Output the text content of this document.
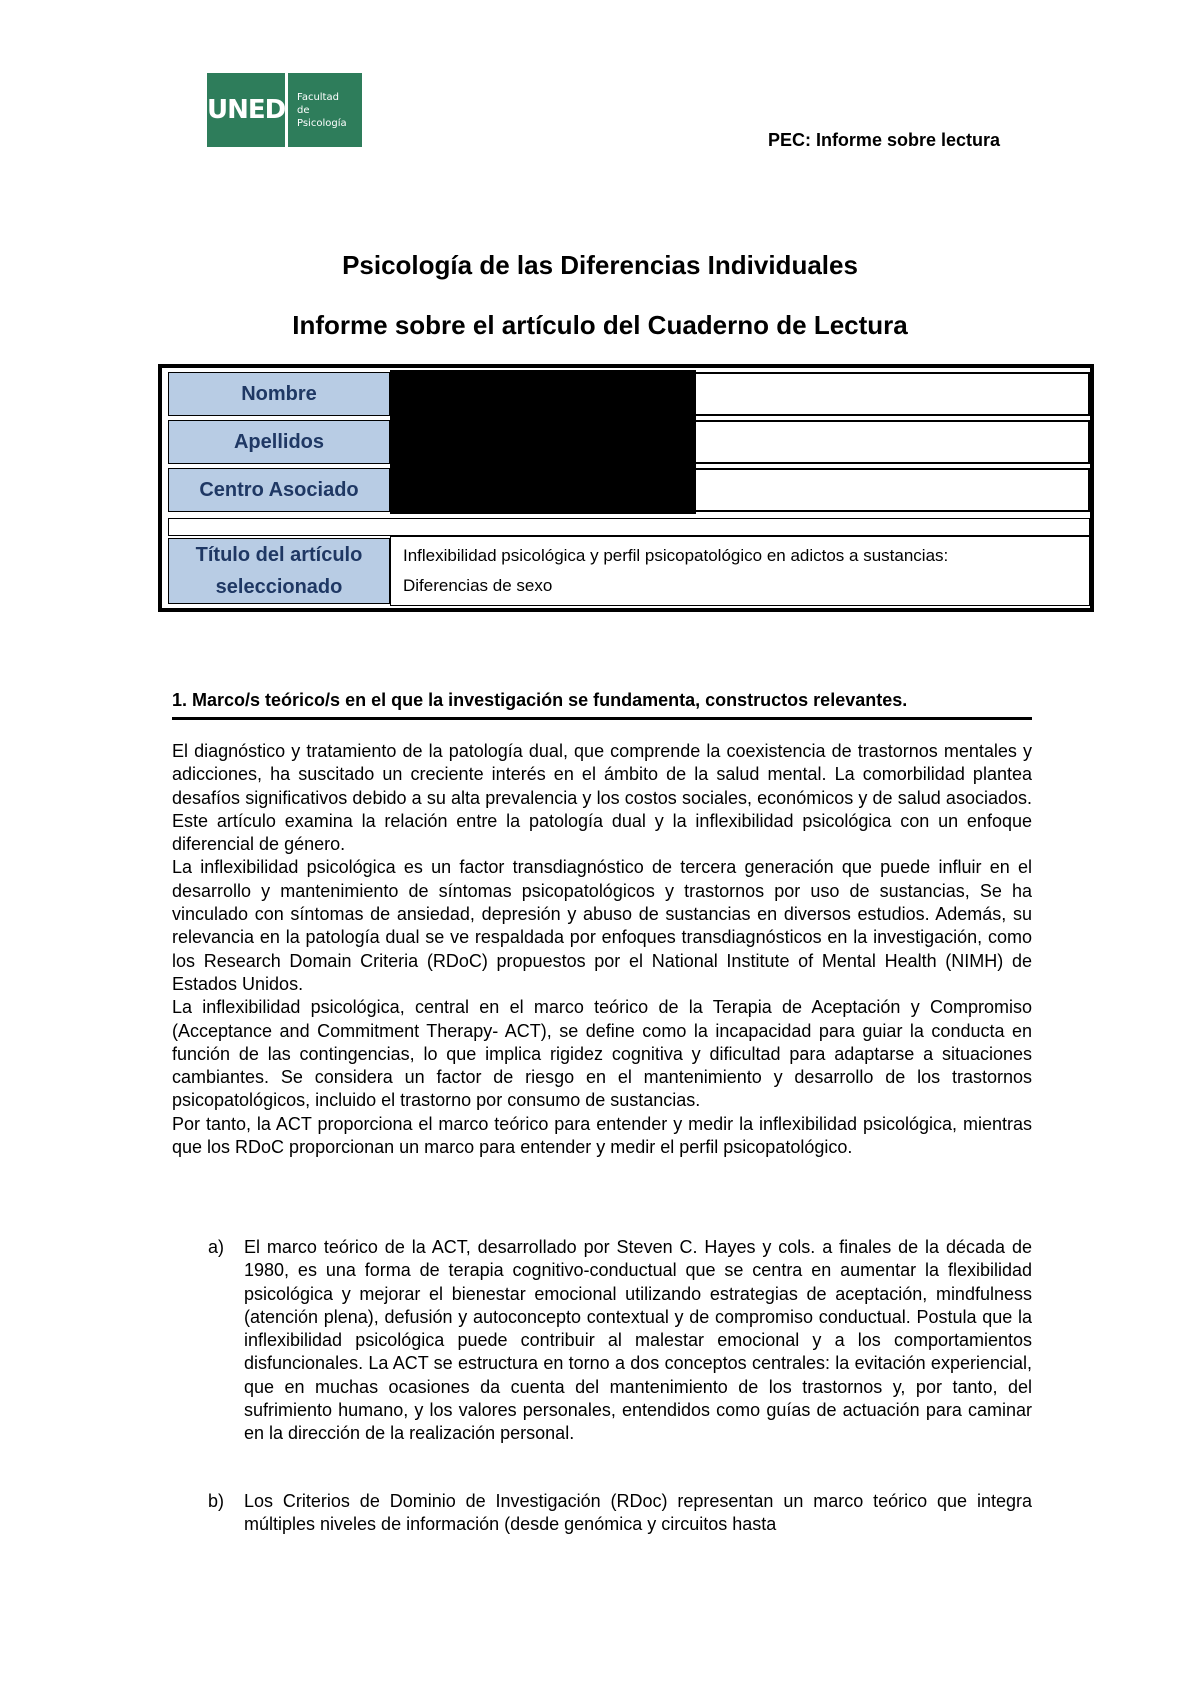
UNED Facultad
de Psicología
PEC: Informe sobre lectura
Psicología de las Diferencias Individuales
Informe sobre el artículo del Cuaderno de Lectura
Nombre
Apellidos
Centro Asociado
Título del artículo
seleccionado
Inflexibilidad psicológica y perfil psicopatológico en adictos a sustancias:
Diferencias de sexo
1. Marco/s teórico/s en el que la investigación se fundamenta, constructos relevantes.

El diagnóstico y tratamiento de la patología dual, que comprende la coexistencia de trastornos mentales y adicciones, ha suscitado un creciente interés en el ámbito de la salud mental. La comorbilidad plantea desafíos significativos debido a su alta prevalencia y los costos sociales, económicos y de salud asociados. Este artículo examina la relación entre la patología dual y la inflexibilidad psicológica con un enfoque diferencial de género.

La inflexibilidad psicológica es un factor transdiagnóstico de tercera generación que puede influir en el desarrollo y mantenimiento de síntomas psicopatológicos y trastornos por uso de sustancias, Se ha vinculado con síntomas de ansiedad, depresión y abuso de sustancias en diversos estudios. Además, su relevancia en la patología dual se ve respaldada por enfoques transdiagnósticos en la investigación, como los Research Domain Criteria (RDoC) propuestos por el National Institute of Mental Health (NIMH) de Estados Unidos.

La inflexibilidad psicológica, central en el marco teórico de la Terapia de Aceptación y Compromiso (Acceptance and Commitment Therapy- ACT), se define como la incapacidad para guiar la conducta en función de las contingencias, lo que implica rigidez cognitiva y dificultad para adaptarse a situaciones cambiantes. Se considera un factor de riesgo en el mantenimiento y desarrollo de los trastornos psicopatológicos, incluido el trastorno por consumo de sustancias.

Por tanto, la ACT proporciona el marco teórico para entender y medir la inflexibilidad psicológica, mientras que los RDoC proporcionan un marco para entender y medir el perfil psicopatológico.

a) El marco teórico de la ACT, desarrollado por Steven C. Hayes y cols. a finales de la década de 1980, es una forma de terapia cognitivo-conductual que se centra en aumentar la flexibilidad psicológica y mejorar el bienestar emocional utilizando estrategias de aceptación, mindfulness (atención plena), defusión y autoconcepto contextual y de compromiso conductual. Postula que la inflexibilidad psicológica puede contribuir al malestar emocional y a los comportamientos disfuncionales. La ACT se estructura en torno a dos conceptos centrales: la evitación experiencial, que en muchas ocasiones da cuenta del mantenimiento de los trastornos y, por tanto, del sufrimiento humano, y los valores personales, entendidos como guías de actuación para caminar en la dirección de la realización personal.
b) Los Criterios de Dominio de Investigación (RDoc) representan un marco teórico que integra múltiples niveles de información (desde genómica y circuitos hasta
